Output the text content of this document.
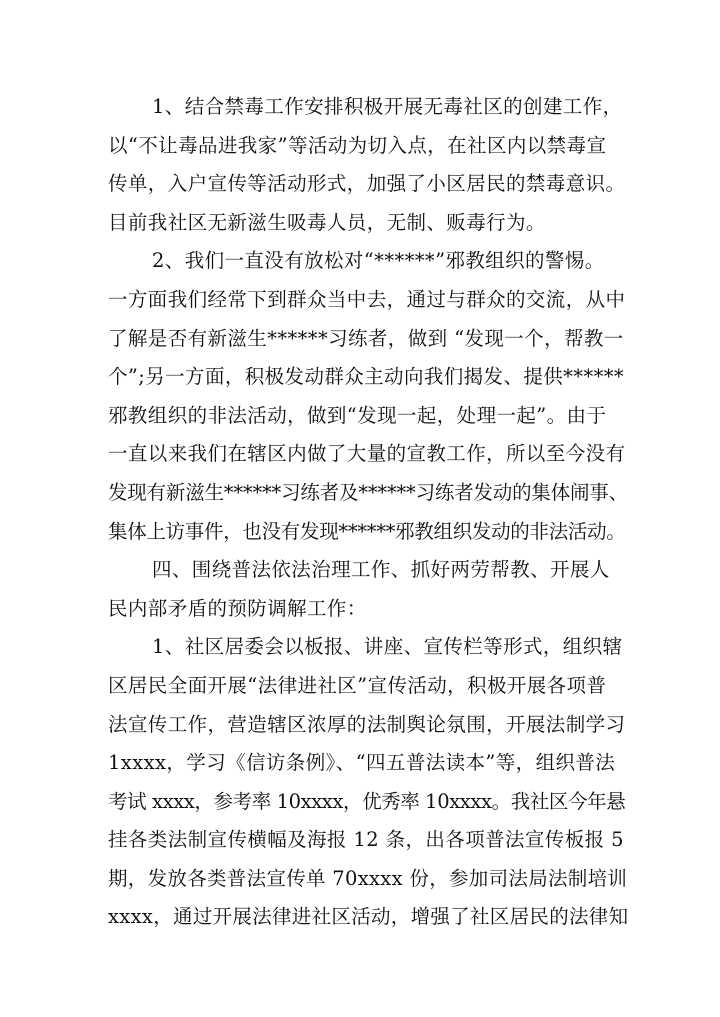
1、结合禁毒工作安排积极开展无毒社区的创建工作，
以“不让毒品进我家”等活动为切入点，在社区内以禁毒宣
传单，入户宣传等活动形式，加强了小区居民的禁毒意识。
目前我社区无新滋生吸毒人员，无制、贩毒行为。
2、我们一直没有放松对“******”邪教组织的警惕。
一方面我们经常下到群众当中去，通过与群众的交流，从中
了解是否有新滋生******习练者，做到 “发现一个，帮教一
个”;另一方面，积极发动群众主动向我们揭发、提供******
邪教组织的非法活动，做到“发现一起，处理一起”。由于
一直以来我们在辖区内做了大量的宣教工作，所以至今没有
发现有新滋生******习练者及******习练者发动的集体闹事、
集体上访事件，也没有发现******邪教组织发动的非法活动。
四、围绕普法依法治理工作、抓好两劳帮教、开展人
民内部矛盾的预防调解工作：
1、社区居委会以板报、讲座、宣传栏等形式，组织辖
区居民全面开展“法律进社区”宣传活动，积极开展各项普
法宣传工作，营造辖区浓厚的法制舆论氛围，开展法制学习
1xxxx，学习《信访条例》、“四五普法读本”等，组织普法
考试 xxxx，参考率 10xxxx，优秀率 10xxxx。我社区今年悬
挂各类法制宣传横幅及海报 12 条，出各项普法宣传板报 5
期，发放各类普法宣传单 70xxxx 份，参加司法局法制培训
xxxx，通过开展法律进社区活动，增强了社区居民的法律知
